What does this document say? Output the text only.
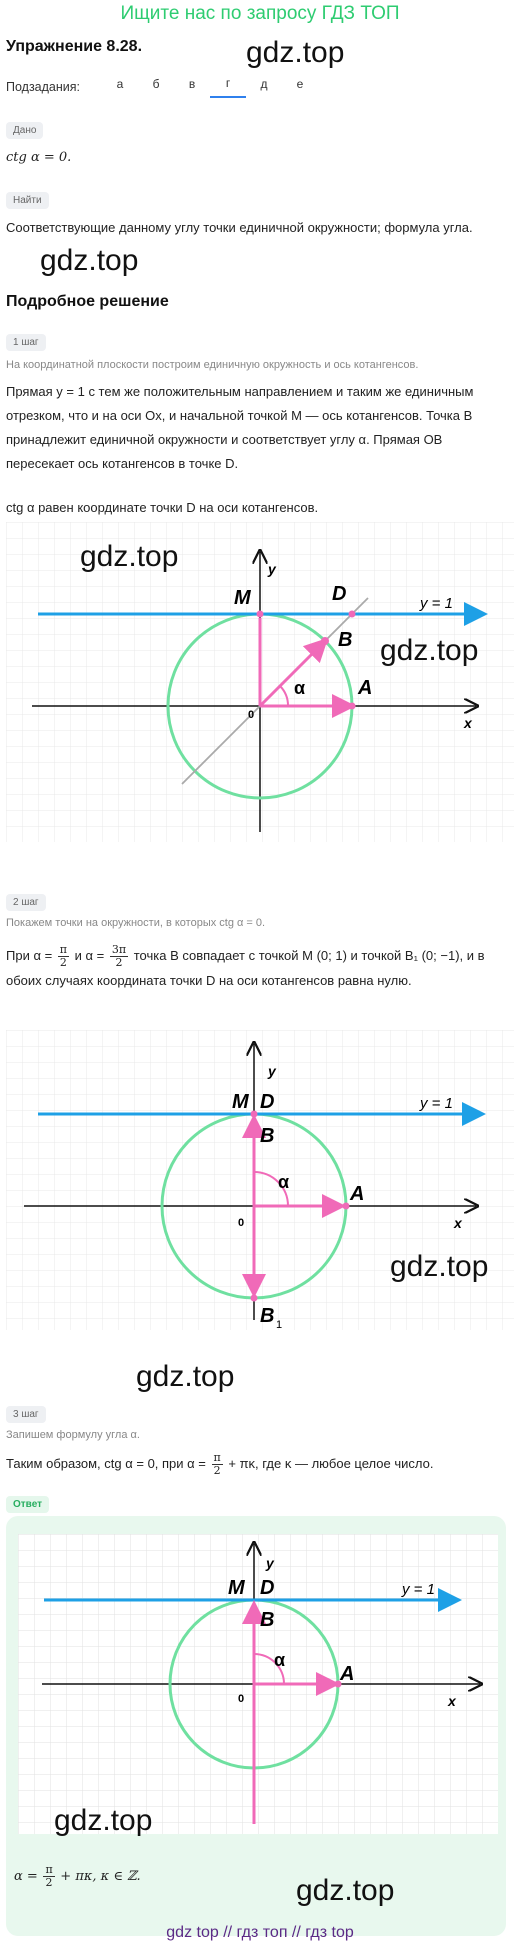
Ищите нас по запросу ГДЗ ТОП
Упражнение 8.28.	gdz.top
Подзадания:	а	б	в	г	д	е
Дано
ctg α = 0.
Найти
Соответствующие данному углу точки единичной окружности; формула угла.
gdz.top
Подробное решение
1 шаг
На координатной плоскости построим единичную окружность и ось котангенсов.
Прямая y = 1 с тем же положительным направлением и таким же единичным отрезком, что и на оси Ox, и начальной точкой M — ось котангенсов. Точка B принадлежит единичной окружности и соответствует углу α. Прямая OB пересекает ось котангенсов в точке D.
ctg α равен координате точки D на оси котангенсов.
y
x
0
M	D
B
A
α
y = 1
gdz.top
gdz.top
2 шаг
Покажем точки на окружности, в которых ctg α = 0.
При $\alpha = \frac{\pi}{2}$ и $\alpha = \frac{3\pi}{2}$ точка B совпадает с точкой M (0; 1) и точкой B₁ (0; −1), и в обоих случаях координата точки D на оси котангенсов равна нулю.
y
x
0
M D
B
B 1
A
α
y = 1
gdz.top
gdz.top
3 шаг
Запишем формулу угла α.
Таким образом, ctg α = 0, при $\alpha = \frac{\pi}{2} + \pi\kappa$, где κ — любое целое число.
Ответ
y
x
0
M D
B
A
α
y = 1
gdz.top
$\alpha = \frac{\pi}{2} + \pi\kappa$, κ ∈ ℤ.	gdz.top
gdz top // гдз топ // гдз top
